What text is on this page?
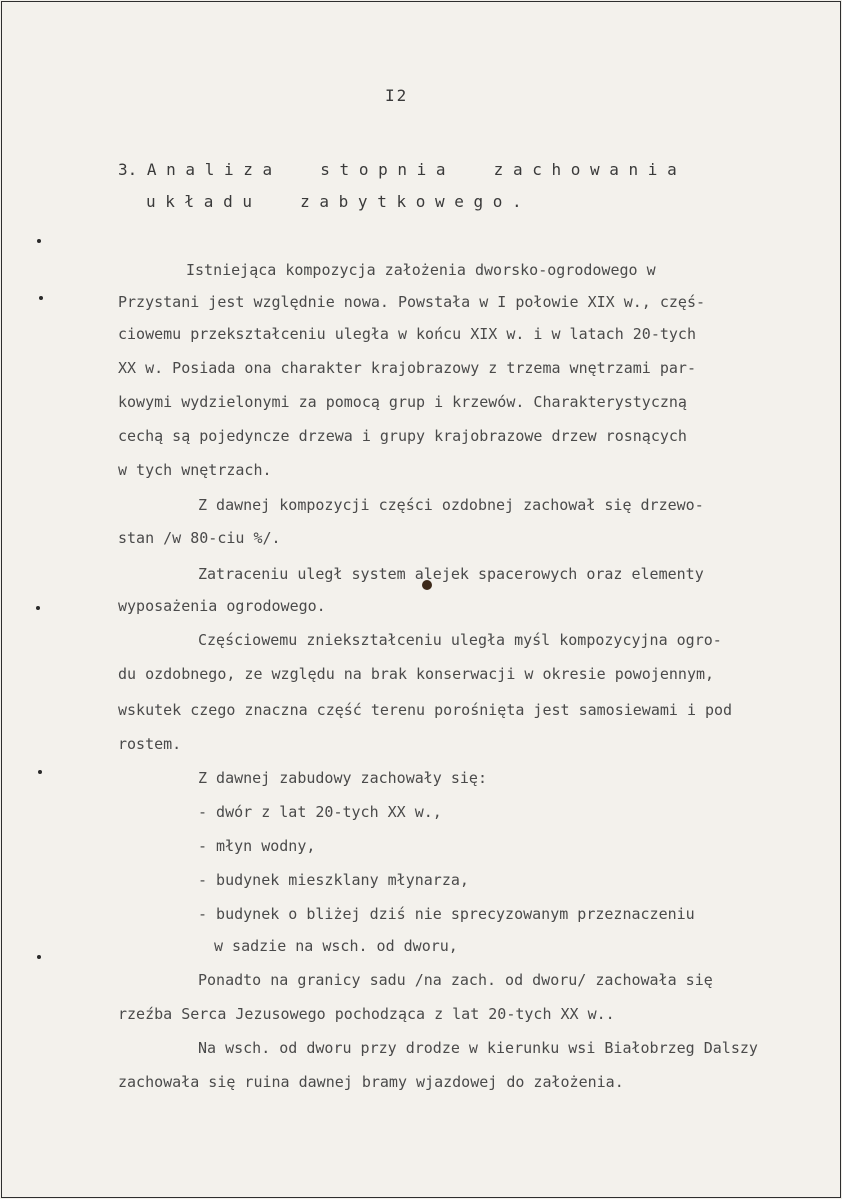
I2
3. A n a l i z a     s t o p n i a     z a c h o w a n i a
u k ł a d u     z a b y t k o w e g o .
Istniejąca kompozycja założenia dworsko-ogrodowego w
Przystani jest względnie nowa. Powstała w I połowie XIX w., częś-
ciowemu przekształceniu uległa w końcu XIX w. i w latach 20-tych
XX w. Posiada ona charakter krajobrazowy z trzema wnętrzami par-
kowymi wydzielonymi za pomocą grup i krzewów. Charakterystyczną
cechą są pojedyncze drzewa i grupy krajobrazowe drzew rosnących
w tych wnętrzach.
Z dawnej kompozycji części ozdobnej zachował się drzewo-
stan /w 80-ciu %/.
Zatraceniu uległ system alejek spacerowych oraz elementy
wyposażenia ogrodowego.
Częściowemu zniekształceniu uległa myśl kompozycyjna ogro-
du ozdobnego, ze względu na brak konserwacji w okresie powojennym,
wskutek czego znaczna część terenu porośnięta jest samosiewami i pod
rostem.
Z dawnej zabudowy zachowały się:
- dwór z lat 20-tych XX w.,
- młyn wodny,
- budynek mieszklany młynarza,
- budynek o bliżej dziś nie sprecyzowanym przeznaczeniu
w sadzie na wsch. od dworu,
Ponadto na granicy sadu /na zach. od dworu/ zachowała się
rzeźba Serca Jezusowego pochodząca z lat 20-tych XX w..
Na wsch. od dworu przy drodze w kierunku wsi Białobrzeg Dalszy
zachowała się ruina dawnej bramy wjazdowej do założenia.
